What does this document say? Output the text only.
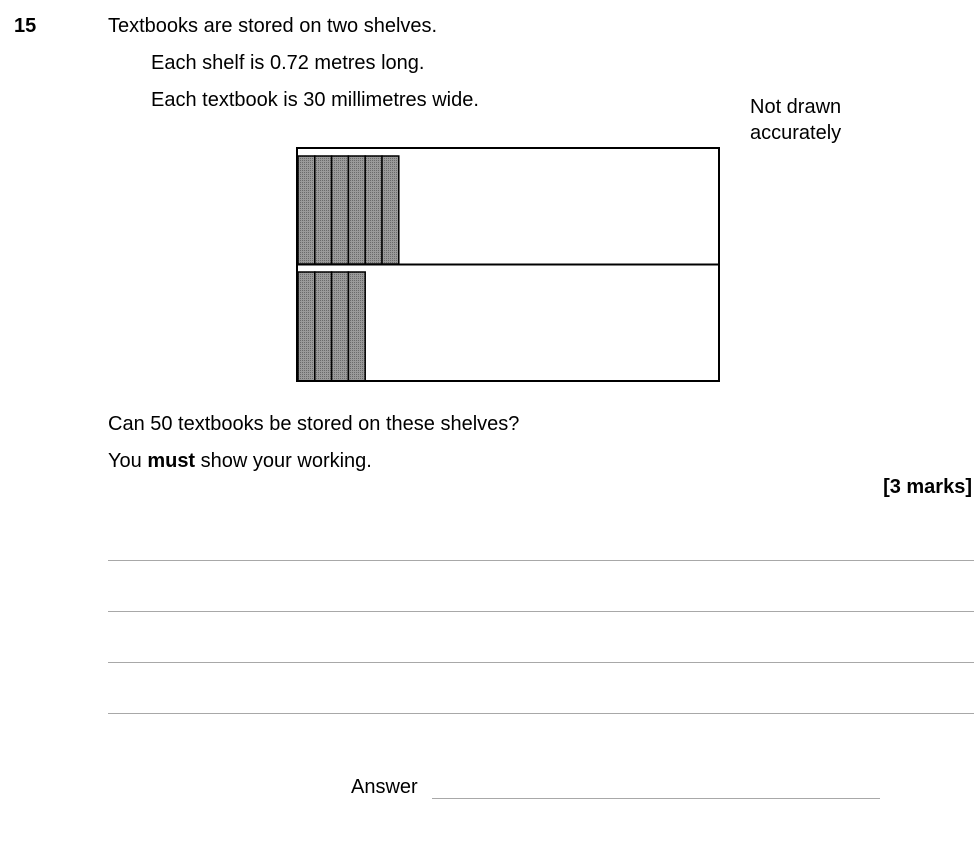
15	Textbooks are stored on two shelves.
Each shelf is 0.72 metres long.
Each textbook is 30 millimetres wide.	Not drawn
accurately
Can 50 textbooks be stored on these shelves?
You must show your working.
[3 marks]
Answer
